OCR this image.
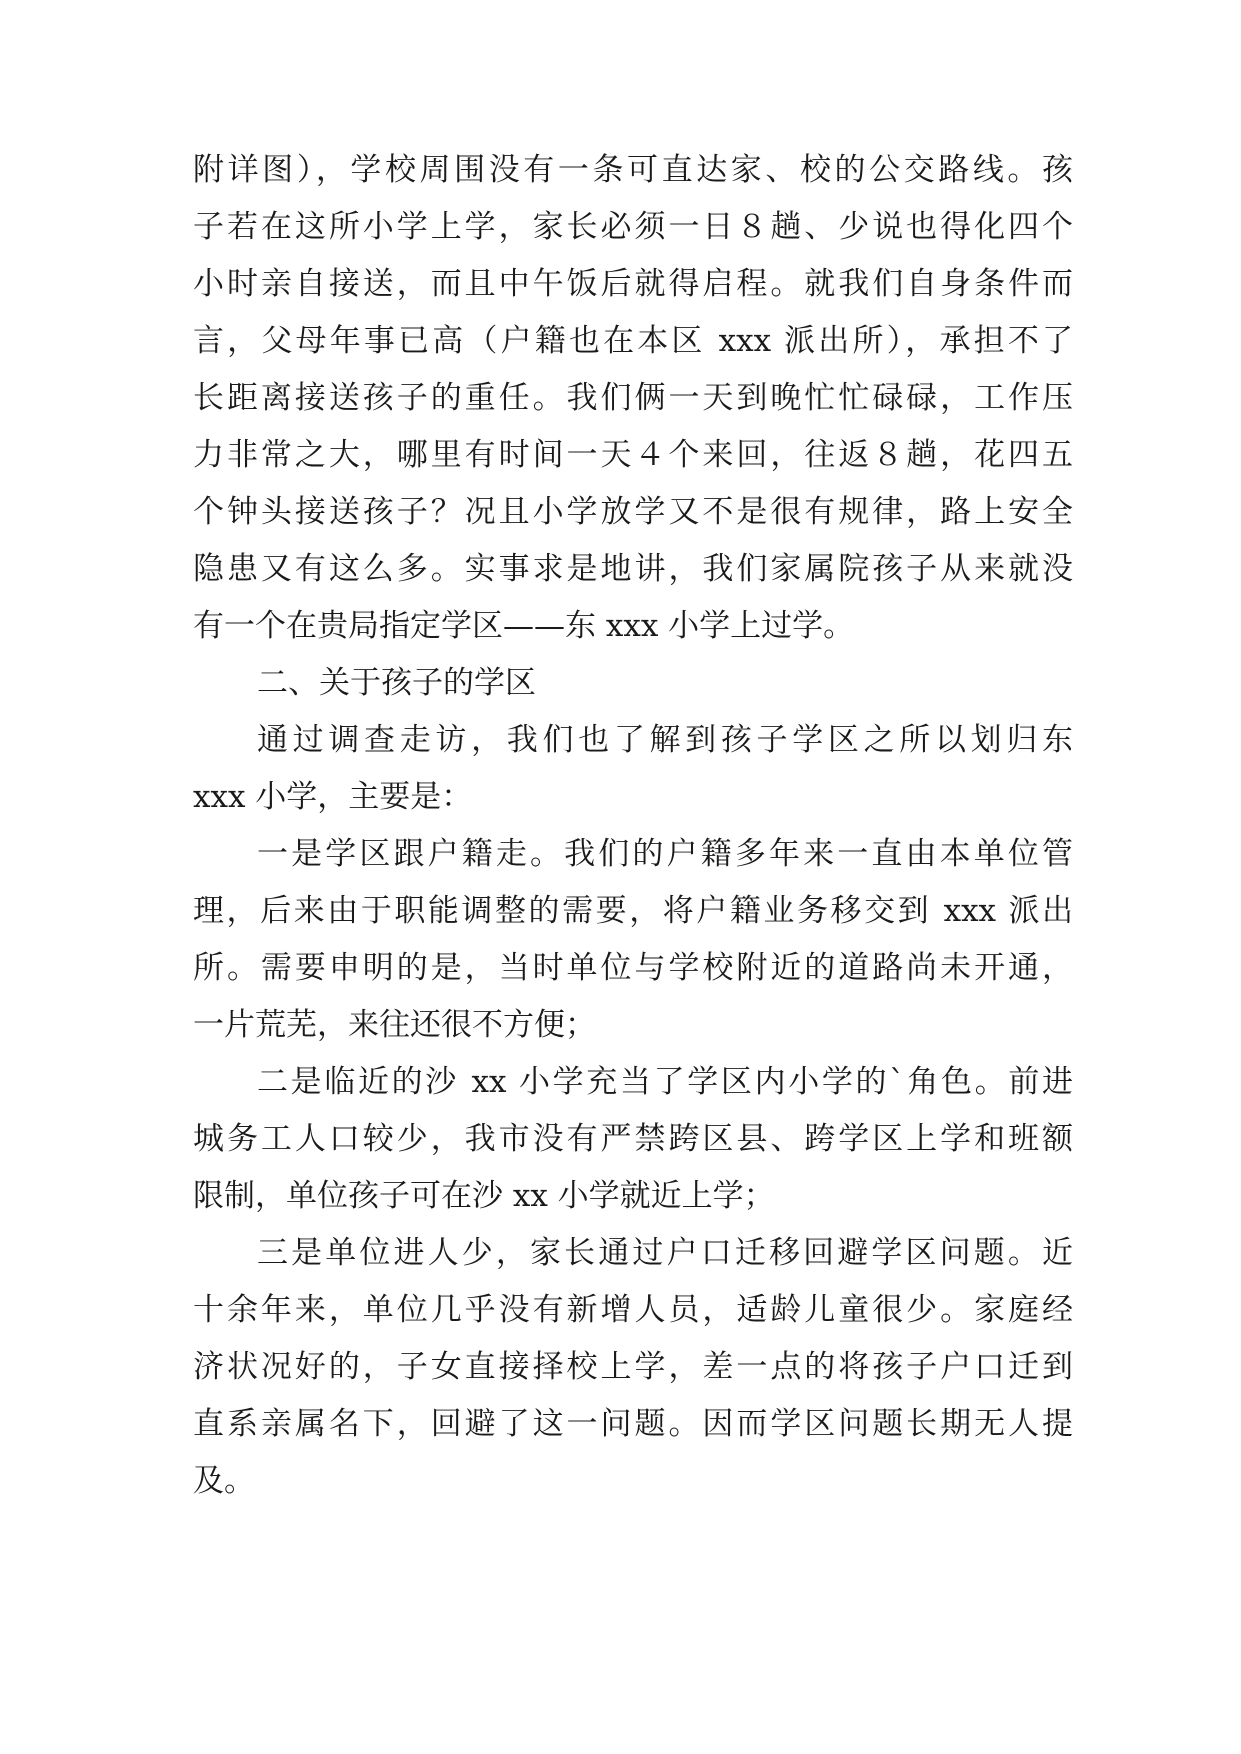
附详图），学校周围没有一条可直达家、校的公交路线。孩
子若在这所小学上学，家长必须一日８趟、少说也得化四个
小时亲自接送，而且中午饭后就得启程。就我们自身条件而
言，父母年事已高（户籍也在本区 xxx 派出所），承担不了
长距离接送孩子的重任。我们俩一天到晚忙忙碌碌，工作压
力非常之大，哪里有时间一天４个来回，往返８趟，花四五
个钟头接送孩子？况且小学放学又不是很有规律，路上安全
隐患又有这么多。实事求是地讲，我们家属院孩子从来就没
有一个在贵局指定学区——东 xxx 小学上过学。
二、关于孩子的学区
通过调查走访，我们也了解到孩子学区之所以划归东
xxx 小学，主要是：
一是学区跟户籍走。我们的户籍多年来一直由本单位管
理，后来由于职能调整的需要，将户籍业务移交到 xxx 派出
所。需要申明的是，当时单位与学校附近的道路尚未开通，
一片荒芜，来往还很不方便；
二是临近的沙 xx 小学充当了学区内小学的`角色。前进
城务工人口较少，我市没有严禁跨区县、跨学区上学和班额
限制，单位孩子可在沙 xx 小学就近上学；
三是单位进人少，家长通过户口迁移回避学区问题。近
十余年来，单位几乎没有新增人员，适龄儿童很少。家庭经
济状况好的，子女直接择校上学，差一点的将孩子户口迁到
直系亲属名下，回避了这一问题。因而学区问题长期无人提
及。
